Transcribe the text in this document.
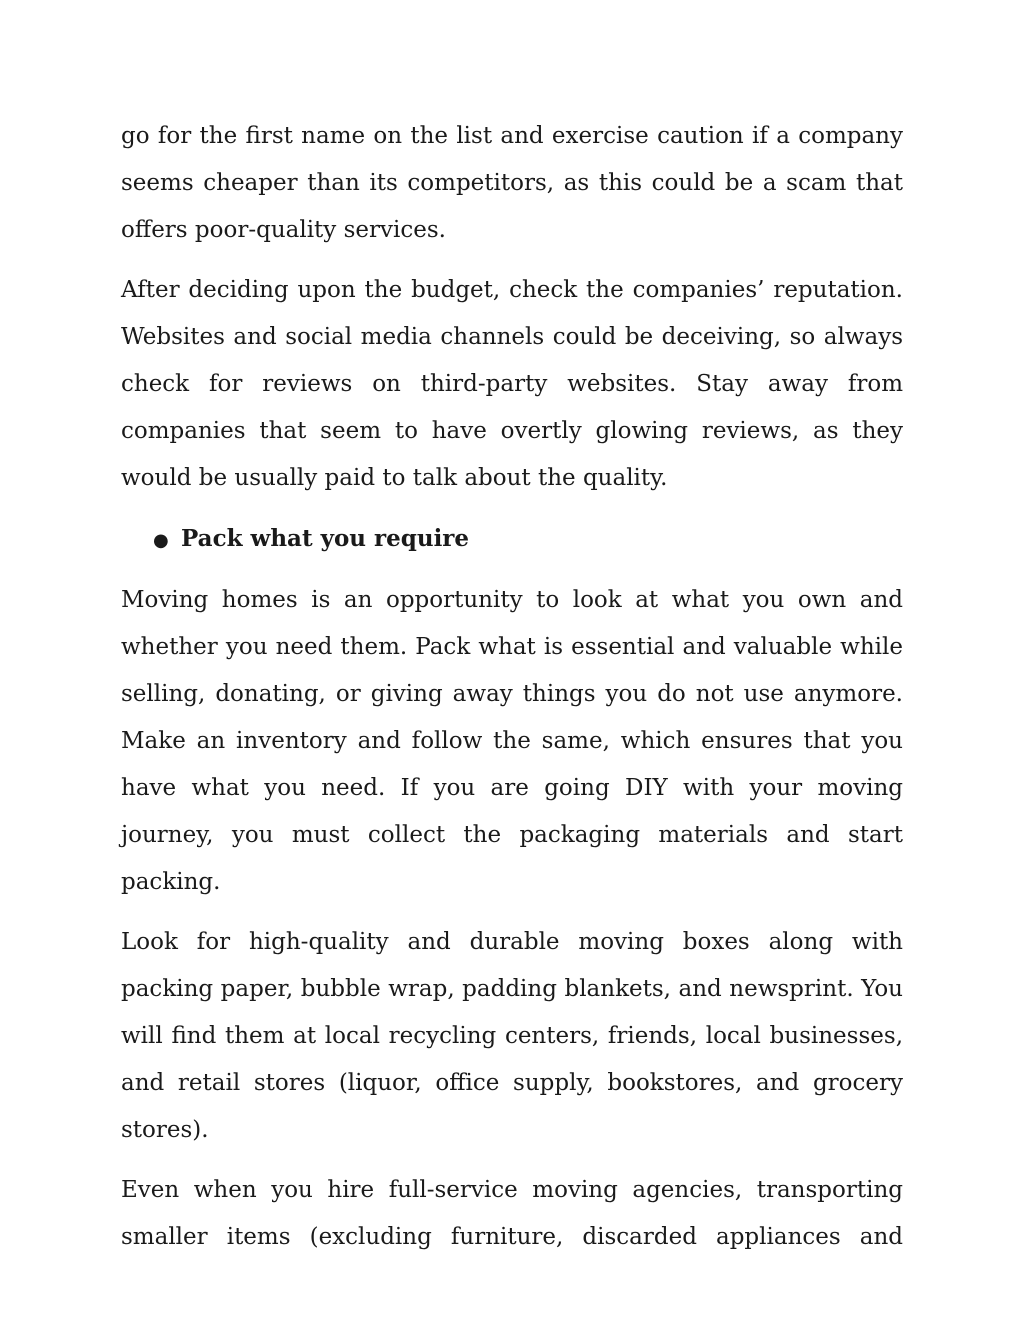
go for the first name on the list and exercise caution if a company seems cheaper than its competitors, as this could be a scam that offers poor-quality services.

After deciding upon the budget, check the companies’ reputation. Websites and social media channels could be deceiving, so always check for reviews on third-party websites. Stay away from companies that seem to have overtly glowing reviews, as they would be usually paid to talk about the quality.

● Pack what you require

Moving homes is an opportunity to look at what you own and whether you need them. Pack what is essential and valuable while selling, donating, or giving away things you do not use anymore. Make an inventory and follow the same, which ensures that you have what you need. If you are going DIY with your moving journey, you must collect the packaging materials and start packing.

Look for high-quality and durable moving boxes along with packing paper, bubble wrap, padding blankets, and newsprint. You will find them at local recycling centers, friends, local businesses, and retail stores (liquor, office supply, bookstores, and grocery stores).

Even when you hire full-service moving agencies, transporting smaller items (excluding furniture, discarded appliances and
